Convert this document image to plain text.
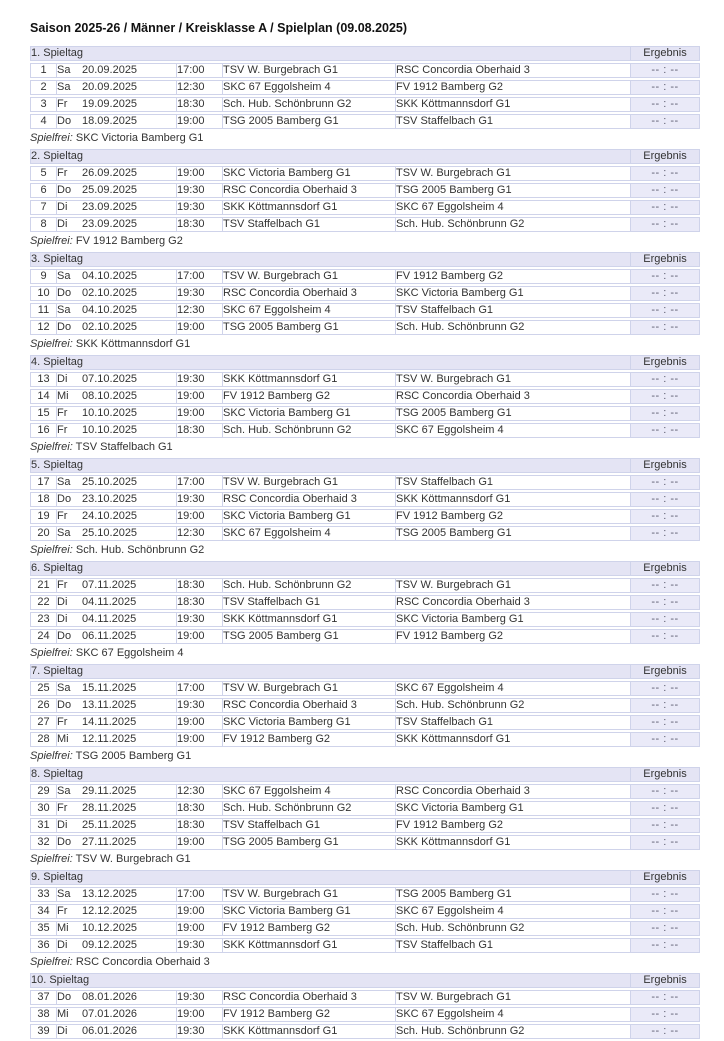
Saison 2025-26 / Männer / Kreisklasse A / Spielplan (09.08.2025)
1. Spieltag						Ergebnis
1	Sa	20.09.2025	17:00	TSV W. Burgebrach G1	RSC Concordia Oberhaid 3	-- : --
2	Sa	20.09.2025	12:30	SKC 67 Eggolsheim 4	FV 1912 Bamberg G2	-- : --
3	Fr	19.09.2025	18:30	Sch. Hub. Schönbrunn G2	SKK Köttmannsdorf G1	-- : --
4	Do	18.09.2025	19:00	TSG 2005 Bamberg G1	TSV Staffelbach G1	-- : --
Spielfrei: SKC Victoria Bamberg G1						
2. Spieltag						Ergebnis
5	Fr	26.09.2025	19:00	SKC Victoria Bamberg G1	TSV W. Burgebrach G1	-- : --
6	Do	25.09.2025	19:30	RSC Concordia Oberhaid 3	TSG 2005 Bamberg G1	-- : --
7	Di	23.09.2025	19:30	SKK Köttmannsdorf G1	SKC 67 Eggolsheim 4	-- : --
8	Di	23.09.2025	18:30	TSV Staffelbach G1	Sch. Hub. Schönbrunn G2	-- : --
Spielfrei: FV 1912 Bamberg G2						
3. Spieltag						Ergebnis
9	Sa	04.10.2025	17:00	TSV W. Burgebrach G1	FV 1912 Bamberg G2	-- : --
10	Do	02.10.2025	19:30	RSC Concordia Oberhaid 3	SKC Victoria Bamberg G1	-- : --
11	Sa	04.10.2025	12:30	SKC 67 Eggolsheim 4	TSV Staffelbach G1	-- : --
12	Do	02.10.2025	19:00	TSG 2005 Bamberg G1	Sch. Hub. Schönbrunn G2	-- : --
Spielfrei: SKK Köttmannsdorf G1						
4. Spieltag						Ergebnis
13	Di	07.10.2025	19:30	SKK Köttmannsdorf G1	TSV W. Burgebrach G1	-- : --
14	Mi	08.10.2025	19:00	FV 1912 Bamberg G2	RSC Concordia Oberhaid 3	-- : --
15	Fr	10.10.2025	19:00	SKC Victoria Bamberg G1	TSG 2005 Bamberg G1	-- : --
16	Fr	10.10.2025	18:30	Sch. Hub. Schönbrunn G2	SKC 67 Eggolsheim 4	-- : --
Spielfrei: TSV Staffelbach G1						
5. Spieltag						Ergebnis
17	Sa	25.10.2025	17:00	TSV W. Burgebrach G1	TSV Staffelbach G1	-- : --
18	Do	23.10.2025	19:30	RSC Concordia Oberhaid 3	SKK Köttmannsdorf G1	-- : --
19	Fr	24.10.2025	19:00	SKC Victoria Bamberg G1	FV 1912 Bamberg G2	-- : --
20	Sa	25.10.2025	12:30	SKC 67 Eggolsheim 4	TSG 2005 Bamberg G1	-- : --
Spielfrei: Sch. Hub. Schönbrunn G2						
6. Spieltag						Ergebnis
21	Fr	07.11.2025	18:30	Sch. Hub. Schönbrunn G2	TSV W. Burgebrach G1	-- : --
22	Di	04.11.2025	18:30	TSV Staffelbach G1	RSC Concordia Oberhaid 3	-- : --
23	Di	04.11.2025	19:30	SKK Köttmannsdorf G1	SKC Victoria Bamberg G1	-- : --
24	Do	06.11.2025	19:00	TSG 2005 Bamberg G1	FV 1912 Bamberg G2	-- : --
Spielfrei: SKC 67 Eggolsheim 4						
7. Spieltag						Ergebnis
25	Sa	15.11.2025	17:00	TSV W. Burgebrach G1	SKC 67 Eggolsheim 4	-- : --
26	Do	13.11.2025	19:30	RSC Concordia Oberhaid 3	Sch. Hub. Schönbrunn G2	-- : --
27	Fr	14.11.2025	19:00	SKC Victoria Bamberg G1	TSV Staffelbach G1	-- : --
28	Mi	12.11.2025	19:00	FV 1912 Bamberg G2	SKK Köttmannsdorf G1	-- : --
Spielfrei: TSG 2005 Bamberg G1						
8. Spieltag						Ergebnis
29	Sa	29.11.2025	12:30	SKC 67 Eggolsheim 4	RSC Concordia Oberhaid 3	-- : --
30	Fr	28.11.2025	18:30	Sch. Hub. Schönbrunn G2	SKC Victoria Bamberg G1	-- : --
31	Di	25.11.2025	18:30	TSV Staffelbach G1	FV 1912 Bamberg G2	-- : --
32	Do	27.11.2025	19:00	TSG 2005 Bamberg G1	SKK Köttmannsdorf G1	-- : --
Spielfrei: TSV W. Burgebrach G1						
9. Spieltag						Ergebnis
33	Sa	13.12.2025	17:00	TSV W. Burgebrach G1	TSG 2005 Bamberg G1	-- : --
34	Fr	12.12.2025	19:00	SKC Victoria Bamberg G1	SKC 67 Eggolsheim 4	-- : --
35	Mi	10.12.2025	19:00	FV 1912 Bamberg G2	Sch. Hub. Schönbrunn G2	-- : --
36	Di	09.12.2025	19:30	SKK Köttmannsdorf G1	TSV Staffelbach G1	-- : --
Spielfrei: RSC Concordia Oberhaid 3						
10. Spieltag						Ergebnis
37	Do	08.01.2026	19:30	RSC Concordia Oberhaid 3	TSV W. Burgebrach G1	-- : --
38	Mi	07.01.2026	19:00	FV 1912 Bamberg G2	SKC 67 Eggolsheim 4	-- : --
39	Di	06.01.2026	19:30	SKK Köttmannsdorf G1	Sch. Hub. Schönbrunn G2	-- : --
